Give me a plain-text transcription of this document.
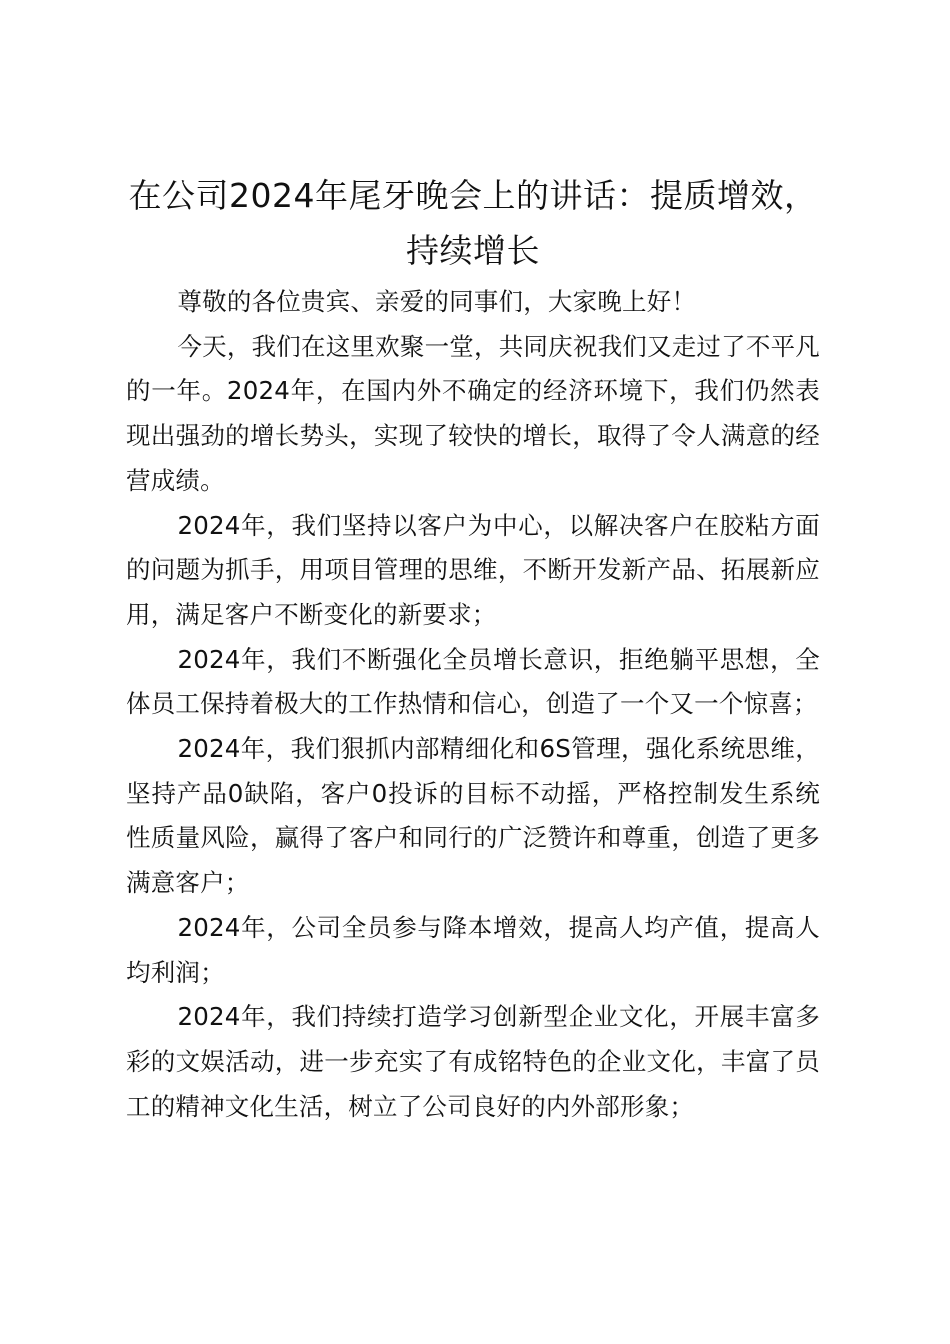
在公司2024年尾牙晚会上的讲话：提质增效，持续增长

尊敬的各位贵宾、亲爱的同事们，大家晚上好！

今天，我们在这里欢聚一堂，共同庆祝我们又走过了不平凡的一年。2024年，在国内外不确定的经济环境下，我们仍然表现出强劲的增长势头，实现了较快的增长，取得了令人满意的经营成绩。

2024年，我们坚持以客户为中心，以解决客户在胶粘方面的问题为抓手，用项目管理的思维，不断开发新产品、拓展新应用，满足客户不断变化的新要求；

2024年，我们不断强化全员增长意识，拒绝躺平思想，全体员工保持着极大的工作热情和信心，创造了一个又一个惊喜；

2024年，我们狠抓内部精细化和6S管理，强化系统思维，坚持产品0缺陷，客户0投诉的目标不动摇，严格控制发生系统性质量风险，赢得了客户和同行的广泛赞许和尊重，创造了更多满意客户；

2024年，公司全员参与降本增效，提高人均产值，提高人均利润；

2024年，我们持续打造学习创新型企业文化，开展丰富多彩的文娱活动，进一步充实了有成铭特色的企业文化，丰富了员工的精神文化生活，树立了公司良好的内外部形象；
